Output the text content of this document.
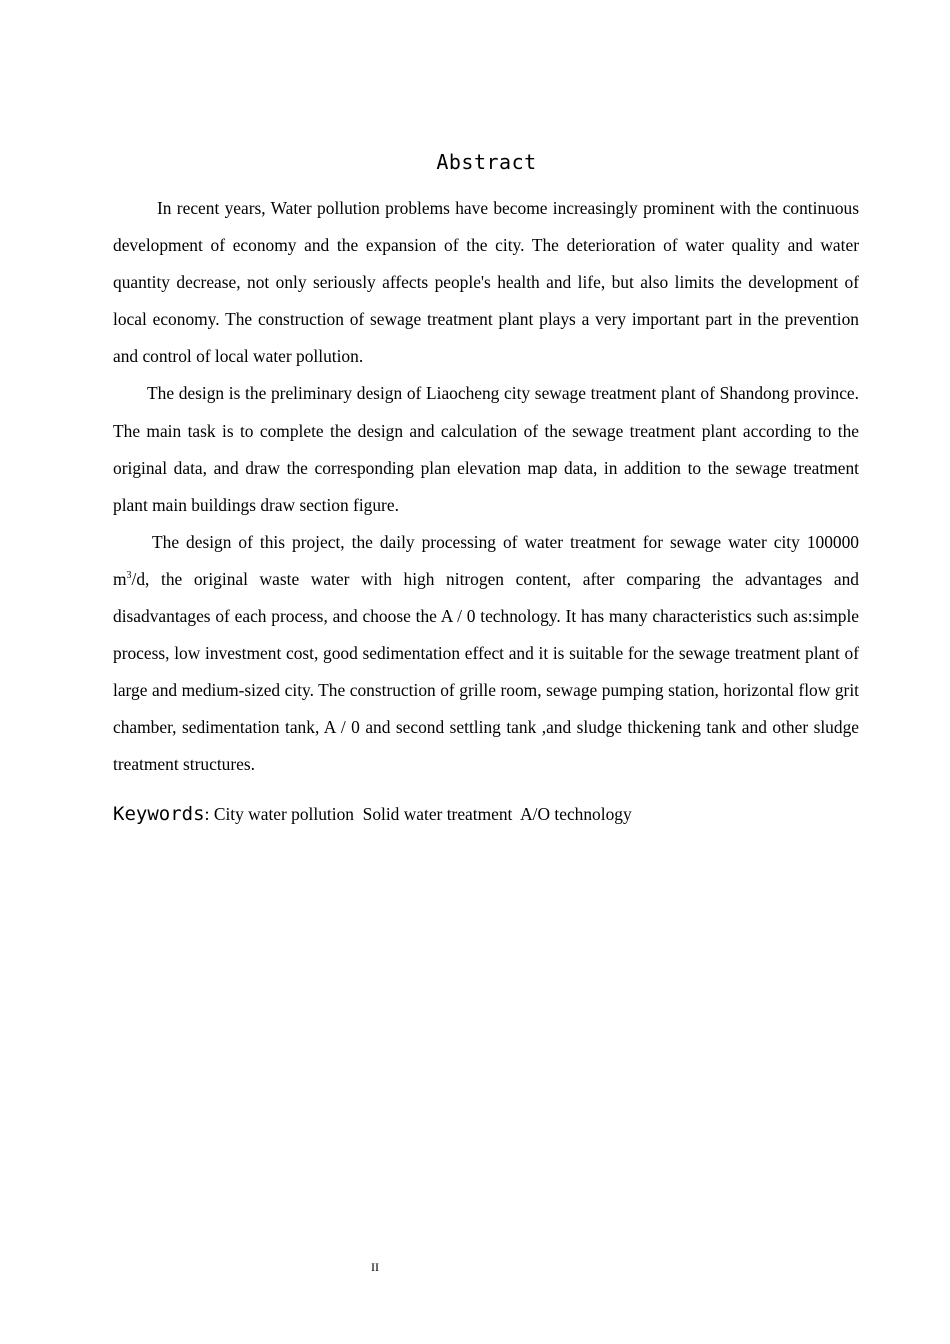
Abstract

In recent years, Water pollution problems have become increasingly prominent with the continuous development of economy and the expansion of the city. The deterioration of water quality and water quantity decrease, not only seriously affects people's health and life, but also limits the development of local economy. The construction of sewage treatment plant plays a very important part in the prevention and control of local water pollution.

The design is the preliminary design of Liaocheng city sewage treatment plant of Shandong province. The main task is to complete the design and calculation of the sewage treatment plant according to the original data, and draw the corresponding plan elevation map data, in addition to the sewage treatment plant main buildings draw section figure.

The design of this project, the daily processing of water treatment for sewage water city 100000 $m^3/d$, the original waste water with high nitrogen content, after comparing the advantages and disadvantages of each process, and choose the A / 0 technology. It has many characteristics such as:simple process, low investment cost, good sedimentation effect and it is suitable for the sewage treatment plant of large and medium-sized city. The construction of grille room, sewage pumping station, horizontal flow grit chamber, sedimentation tank, A / 0 and second settling tank ,and sludge thickening tank and other sludge treatment structures.

Keywords: City water pollution  Solid water treatment  A/O technology
II
